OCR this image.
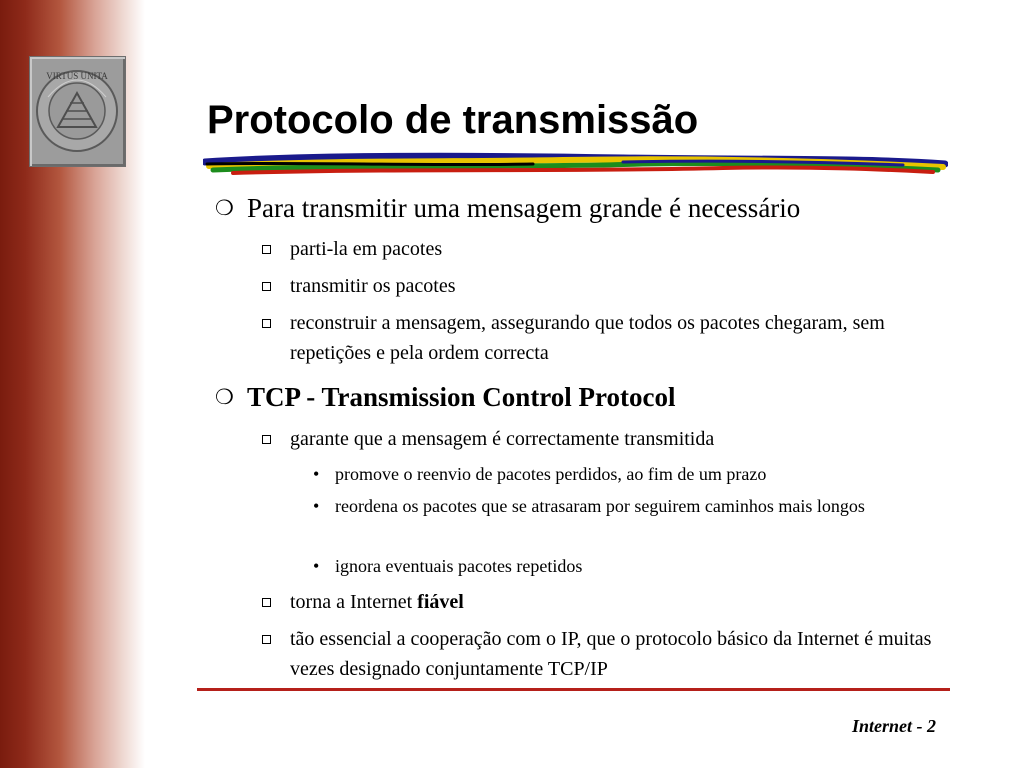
VIRTUS UNITA
Protocolo de transmissão
❍ Para transmitir uma mensagem grande é necessário
parti-la em pacotes
transmitir os pacotes
reconstruir a mensagem, assegurando que todos os pacotes chegaram, sem repetições e pela ordem correcta
❍ TCP - Transmission Control Protocol
garante que a mensagem é correctamente transmitida
• promove o reenvio de pacotes perdidos, ao fim de um prazo
• reordena os pacotes que se atrasaram por seguirem caminhos mais longos
• ignora eventuais pacotes repetidos
torna a Internet fiável
tão essencial a cooperação com o IP, que o protocolo básico da Internet é muitas vezes designado conjuntamente TCP/IP
Internet - 2
